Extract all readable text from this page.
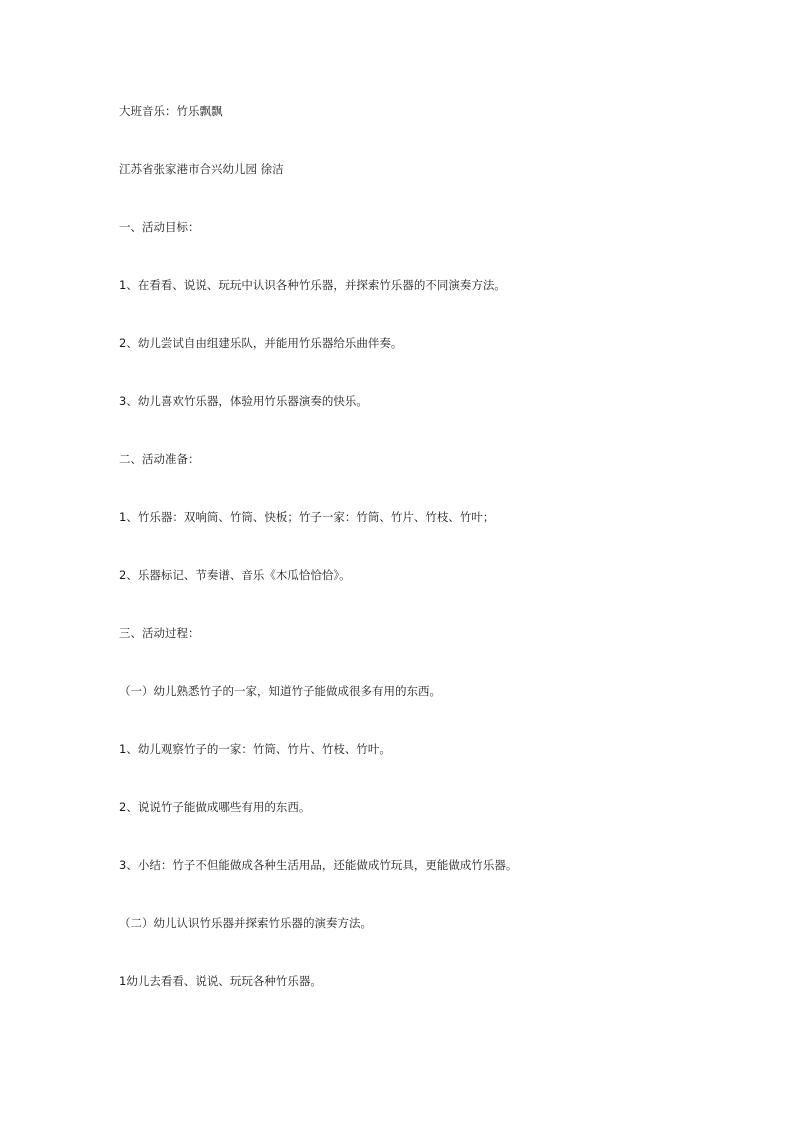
大班音乐：竹乐飘飘

江苏省张家港市合兴幼儿园 徐洁

一、活动目标：

1、在看看、说说、玩玩中认识各种竹乐器，并探索竹乐器的不同演奏方法。

2、幼儿尝试自由组建乐队，并能用竹乐器给乐曲伴奏。

3、幼儿喜欢竹乐器，体验用竹乐器演奏的快乐。

二、活动准备：

1、竹乐器：双响筒、竹筒、快板；竹子一家：竹筒、竹片、竹枝、竹叶；

2、乐器标记、节奏谱、音乐《木瓜恰恰恰》。

三、活动过程：

（一）幼儿熟悉竹子的一家，知道竹子能做成很多有用的东西。

1、幼儿观察竹子的一家：竹筒、竹片、竹枝、竹叶。

2、说说竹子能做成哪些有用的东西。

3、小结：竹子不但能做成各种生活用品，还能做成竹玩具，更能做成竹乐器。

（二）幼儿认识竹乐器并探索竹乐器的演奏方法。

1幼儿去看看、说说、玩玩各种竹乐器。
